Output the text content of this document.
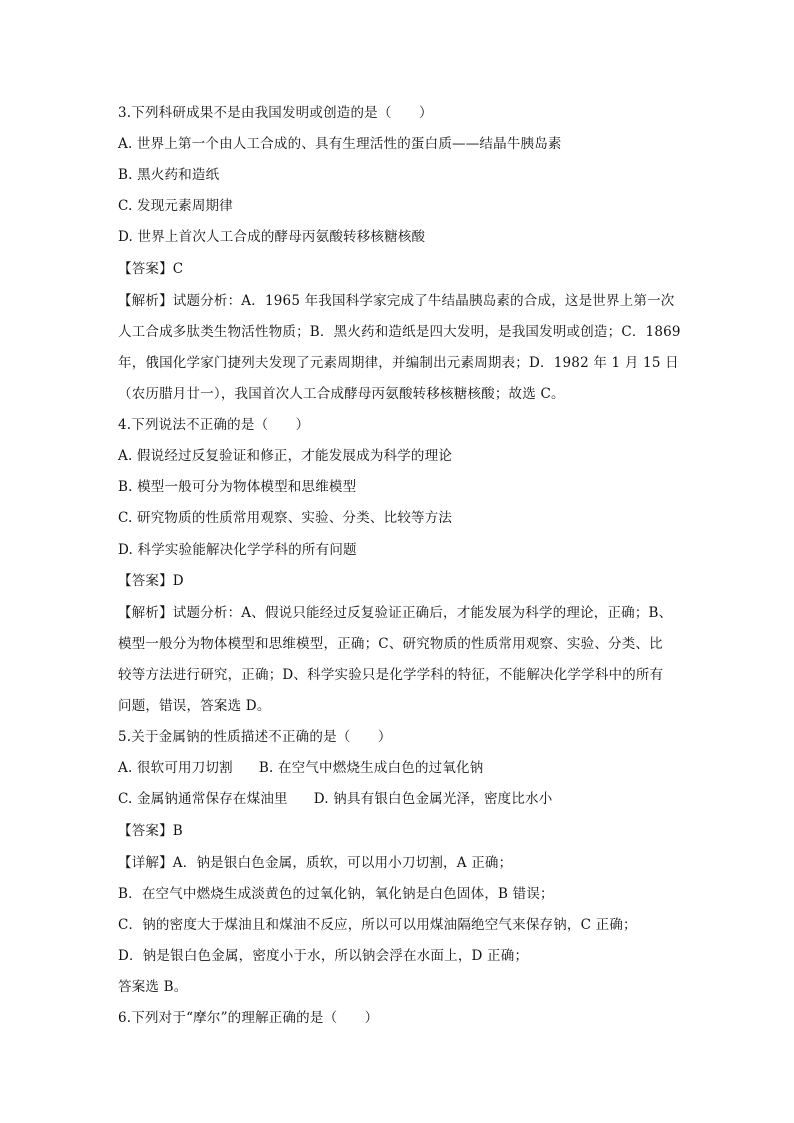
3.下列科研成果不是由我国发明或创造的是（　　）
A. 世界上第一个由人工合成的、具有生理活性的蛋白质——结晶牛胰岛素
B. 黑火药和造纸
C. 发现元素周期律
D. 世界上首次人工合成的酵母丙氨酸转移核糖核酸
【答案】C
【解析】试题分析：A．1965 年我国科学家完成了牛结晶胰岛素的合成，这是世界上第一次
人工合成多肽类生物活性物质；B．黑火药和造纸是四大发明，是我国发明或创造；C．1869
年，俄国化学家门捷列夫发现了元素周期律，并编制出元素周期表；D．1982 年 1 月 15 日
（农历腊月廿一），我国首次人工合成酵母丙氨酸转移核糖核酸；故选 C。
4.下列说法不正确的是（　　）
A. 假说经过反复验证和修正，才能发展成为科学的理论
B. 模型一般可分为物体模型和思维模型
C. 研究物质的性质常用观察、实验、分类、比较等方法
D. 科学实验能解决化学学科的所有问题
【答案】D
【解析】试题分析：A、假说只能经过反复验证正确后，才能发展为科学的理论，正确；B、
模型一般分为物体模型和思维模型，正确；C、研究物质的性质常用观察、实验、分类、比
较等方法进行研究，正确；D、科学实验只是化学学科的特征，不能解决化学学科中的所有
问题，错误，答案选 D。
5.关于金属钠的性质描述不正确的是（　　）
A. 很软可用刀切割 B. 在空气中燃烧生成白色的过氧化钠
C. 金属钠通常保存在煤油里 D. 钠具有银白色金属光泽，密度比水小
【答案】B
【详解】A．钠是银白色金属，质软，可以用小刀切割，A 正确；
B．在空气中燃烧生成淡黄色的过氧化钠，氧化钠是白色固体，B 错误；
C．钠的密度大于煤油且和煤油不反应，所以可以用煤油隔绝空气来保存钠，C 正确；
D．钠是银白色金属，密度小于水，所以钠会浮在水面上，D 正确；
答案选 B。
6.下列对于“摩尔”的理解正确的是（　　）
